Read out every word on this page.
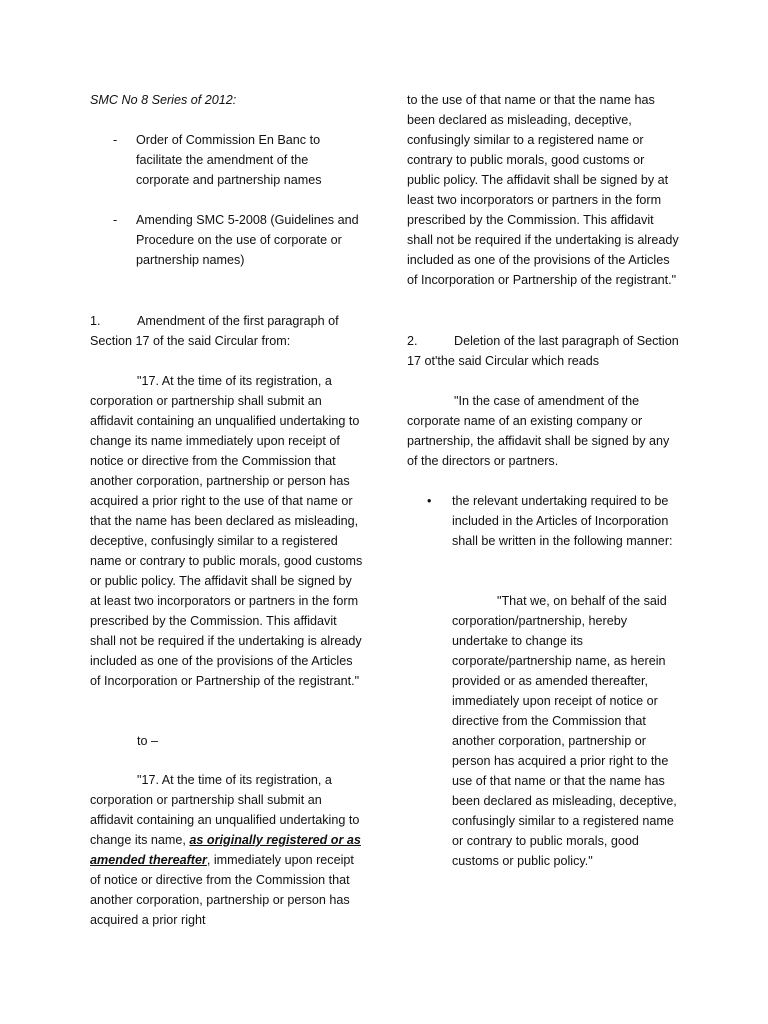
SMC No 8 Series of 2012:

- Order of Commission En Banc to facilitate the amendment of the corporate and partnership names

- Amending SMC 5-2008 (Guidelines and Procedure on the use of corporate or partnership names)

1.	Amendment of the first paragraph of Section 17 of the said Circular from:

"17. At the time of its registration, a

corporation or partnership shall submit an affidavit containing an unqualified undertaking to change its name immediately upon receipt of notice or directive from the Commission that another corporation, partnership or person has acquired a prior right to the use of that name or that the name has been declared as misleading, deceptive, confusingly similar to a registered name or contrary to public morals, good customs or public policy. The affidavit shall be signed by at least two incorporators or partners in the form prescribed by the Commission. This affidavit shall not be required if the undertaking is already included as one of the provisions of the Articles of Incorporation or Partnership of the registrant."

to –

"17. At the time of its registration, a

corporation or partnership shall submit an affidavit containing an unqualified undertaking to change its name, as originally registered or as amended thereafter, immediately upon receipt of notice or directive from the Commission that another corporation, partnership or person has acquired a prior right

to the use of that name or that the name has been declared as misleading, deceptive, confusingly similar to a registered name or contrary to public morals, good customs or public policy. The affidavit shall be signed by at least two incorporators or partners in the form prescribed by the Commission. This affidavit shall not be required if the undertaking is already included as one of the provisions of the Articles of Incorporation or Partnership of the registrant."

2.	Deletion of the last paragraph of Section 17 ot'the said Circular which reads

"In the case of amendment of the

corporate name of an existing company or partnership, the affidavit shall be signed by any of the directors or partners.

• the relevant undertaking required to be included in the Articles of Incorporation shall be written in the following manner:

"That we, on behalf of the said

corporation/partnership, hereby undertake to change its corporate/partnership name, as herein provided or as amended thereafter, immediately upon receipt of notice or directive from the Commission that another corporation, partnership or person has acquired a prior right to the use of that name or that the name has been declared as misleading, deceptive, confusingly similar to a registered name or contrary to public morals, good customs or public policy."
